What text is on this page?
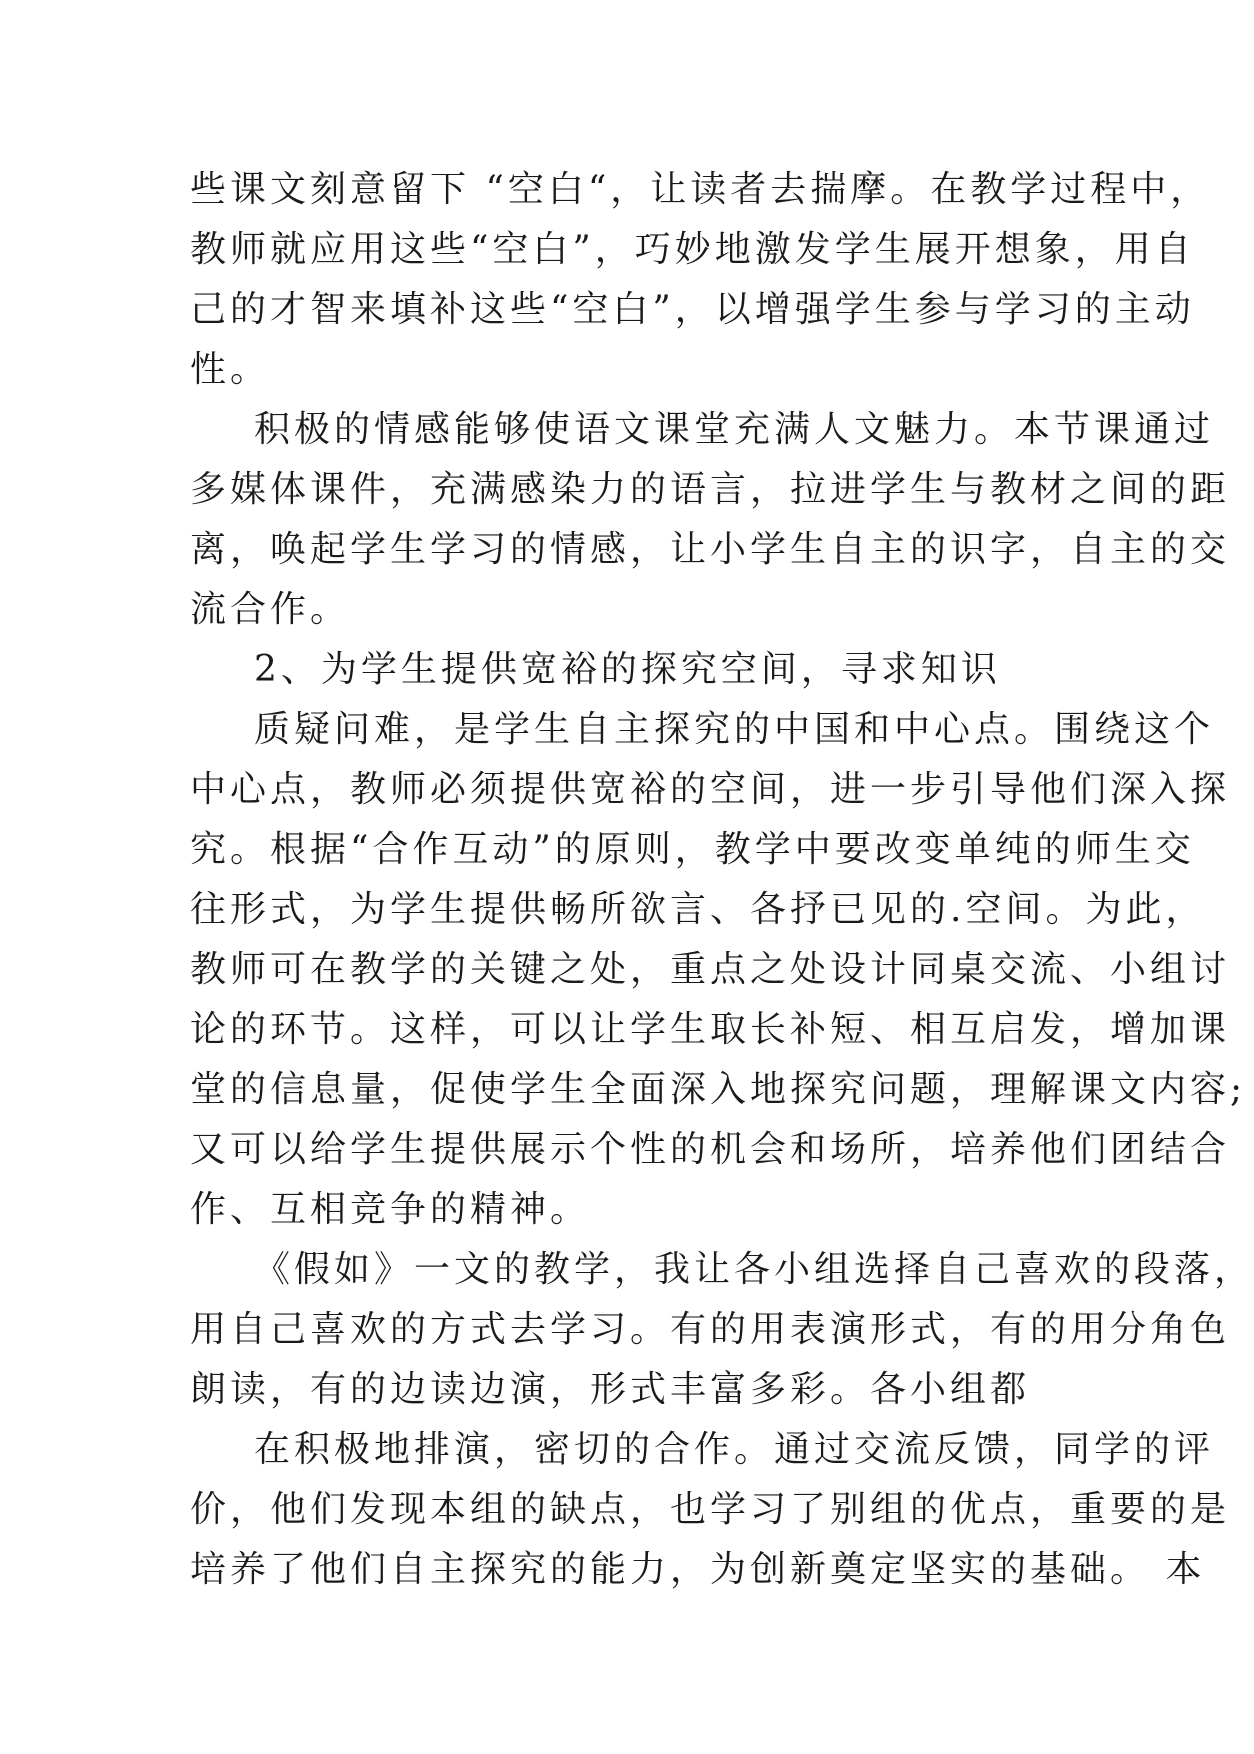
些课文刻意留下 “空白“，让读者去揣摩。在教学过程中，
教师就应用这些“空白”，巧妙地激发学生展开想象，用自
己的才智来填补这些“空白”，以增强学生参与学习的主动
性。
积极的情感能够使语文课堂充满人文魅力。本节课通过
多媒体课件，充满感染力的语言，拉进学生与教材之间的距
离，唤起学生学习的情感，让小学生自主的识字，自主的交
流合作。
2、为学生提供宽裕的探究空间，寻求知识
质疑问难，是学生自主探究的中国和中心点。围绕这个
中心点，教师必须提供宽裕的空间，进一步引导他们深入探
究。根据“合作互动”的原则，教学中要改变单纯的师生交
往形式，为学生提供畅所欲言、各抒已见的.空间。为此，
教师可在教学的关键之处，重点之处设计同桌交流、小组讨
论的环节。这样，可以让学生取长补短、相互启发，增加课
堂的信息量，促使学生全面深入地探究问题，理解课文内容;
又可以给学生提供展示个性的机会和场所，培养他们团结合
作、互相竞争的精神。
《假如》一文的教学，我让各小组选择自己喜欢的段落，
用自己喜欢的方式去学习。有的用表演形式，有的用分角色
朗读，有的边读边演，形式丰富多彩。各小组都
在积极地排演，密切的合作。通过交流反馈，同学的评
价，他们发现本组的缺点，也学习了别组的优点，重要的是
培养了他们自主探究的能力，为创新奠定坚实的基础。 本
